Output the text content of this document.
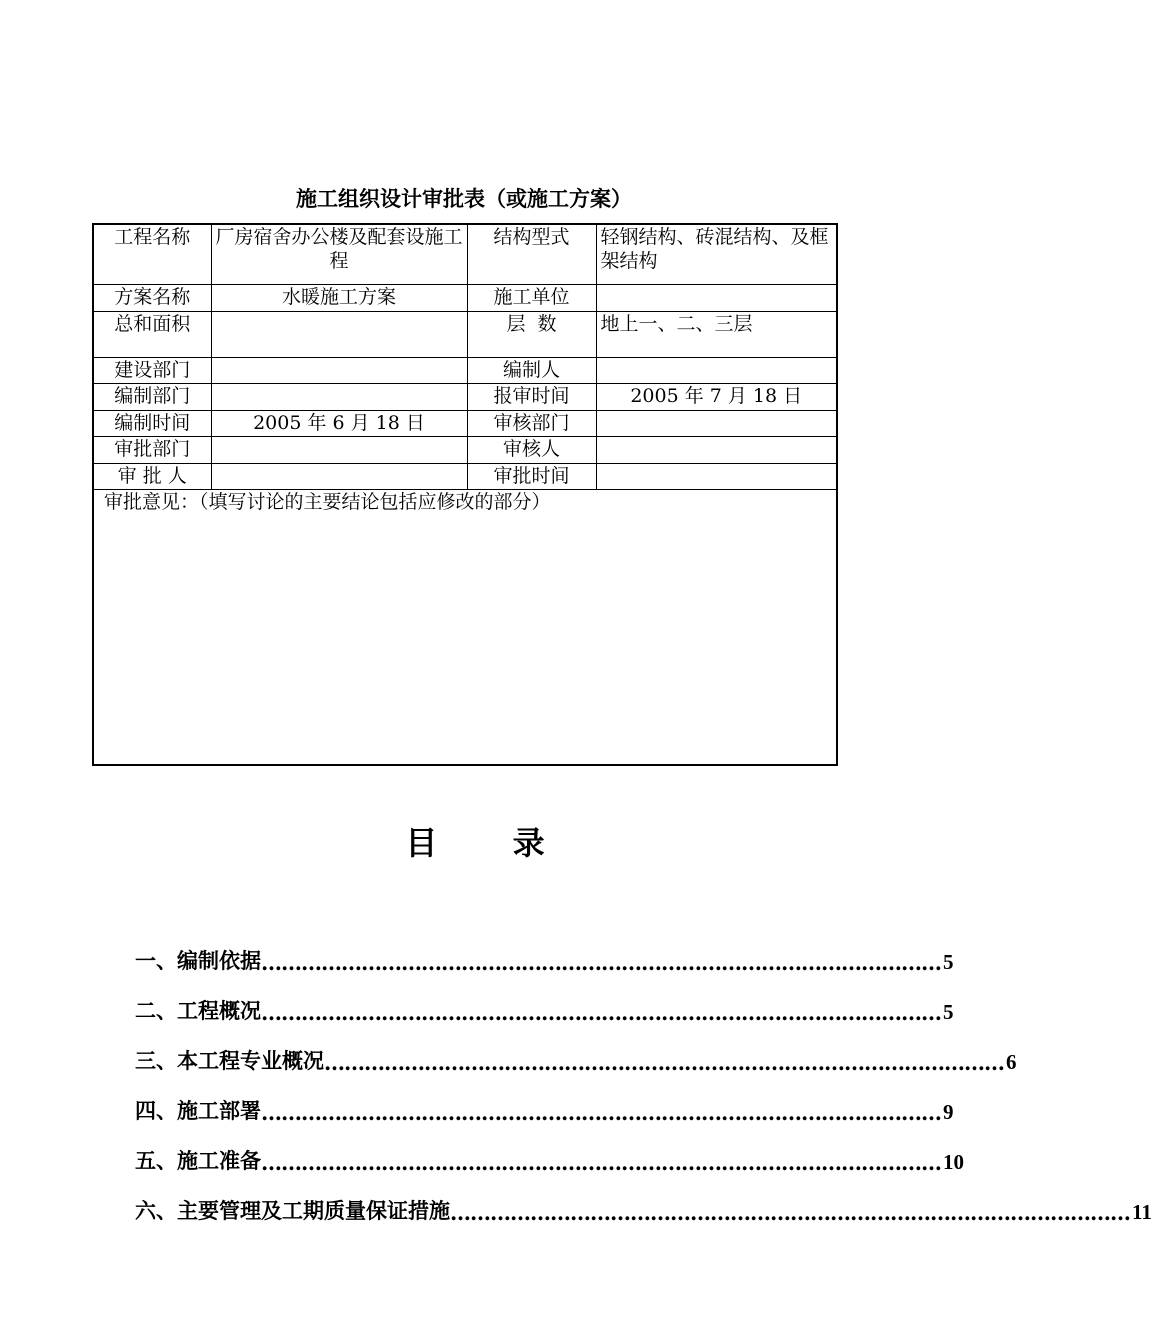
施工组织设计审批表（或施工方案）
工程名称	厂房宿舍办公楼及配套设施工程	结构型式	轻钢结构、砖混结构、及框架结构
方案名称	水暖施工方案	施工单位	
总和面积		层  数	地上一、二、三层
建设部门		编制人	
编制部门		报审时间	2005 年 7 月 18 日
编制时间	2005 年 6 月 18 日	审核部门	
审批部门		审核人	
审 批 人		审批时间	
审批意见：（填写讨论的主要结论包括应修改的部分）			
目 录
一、编制依据 ………………………………………………………………………………………… 5
二、工程概况 ………………………………………………………………………………………… 5
三、本工程专业概况 ………………………………………………………………………………………… 6
四、施工部署 ………………………………………………………………………………………… 9
五、施工准备 ………………………………………………………………………………………… 10
六、主要管理及工期质量保证措施 ………………………………………………………………………………………… 11
